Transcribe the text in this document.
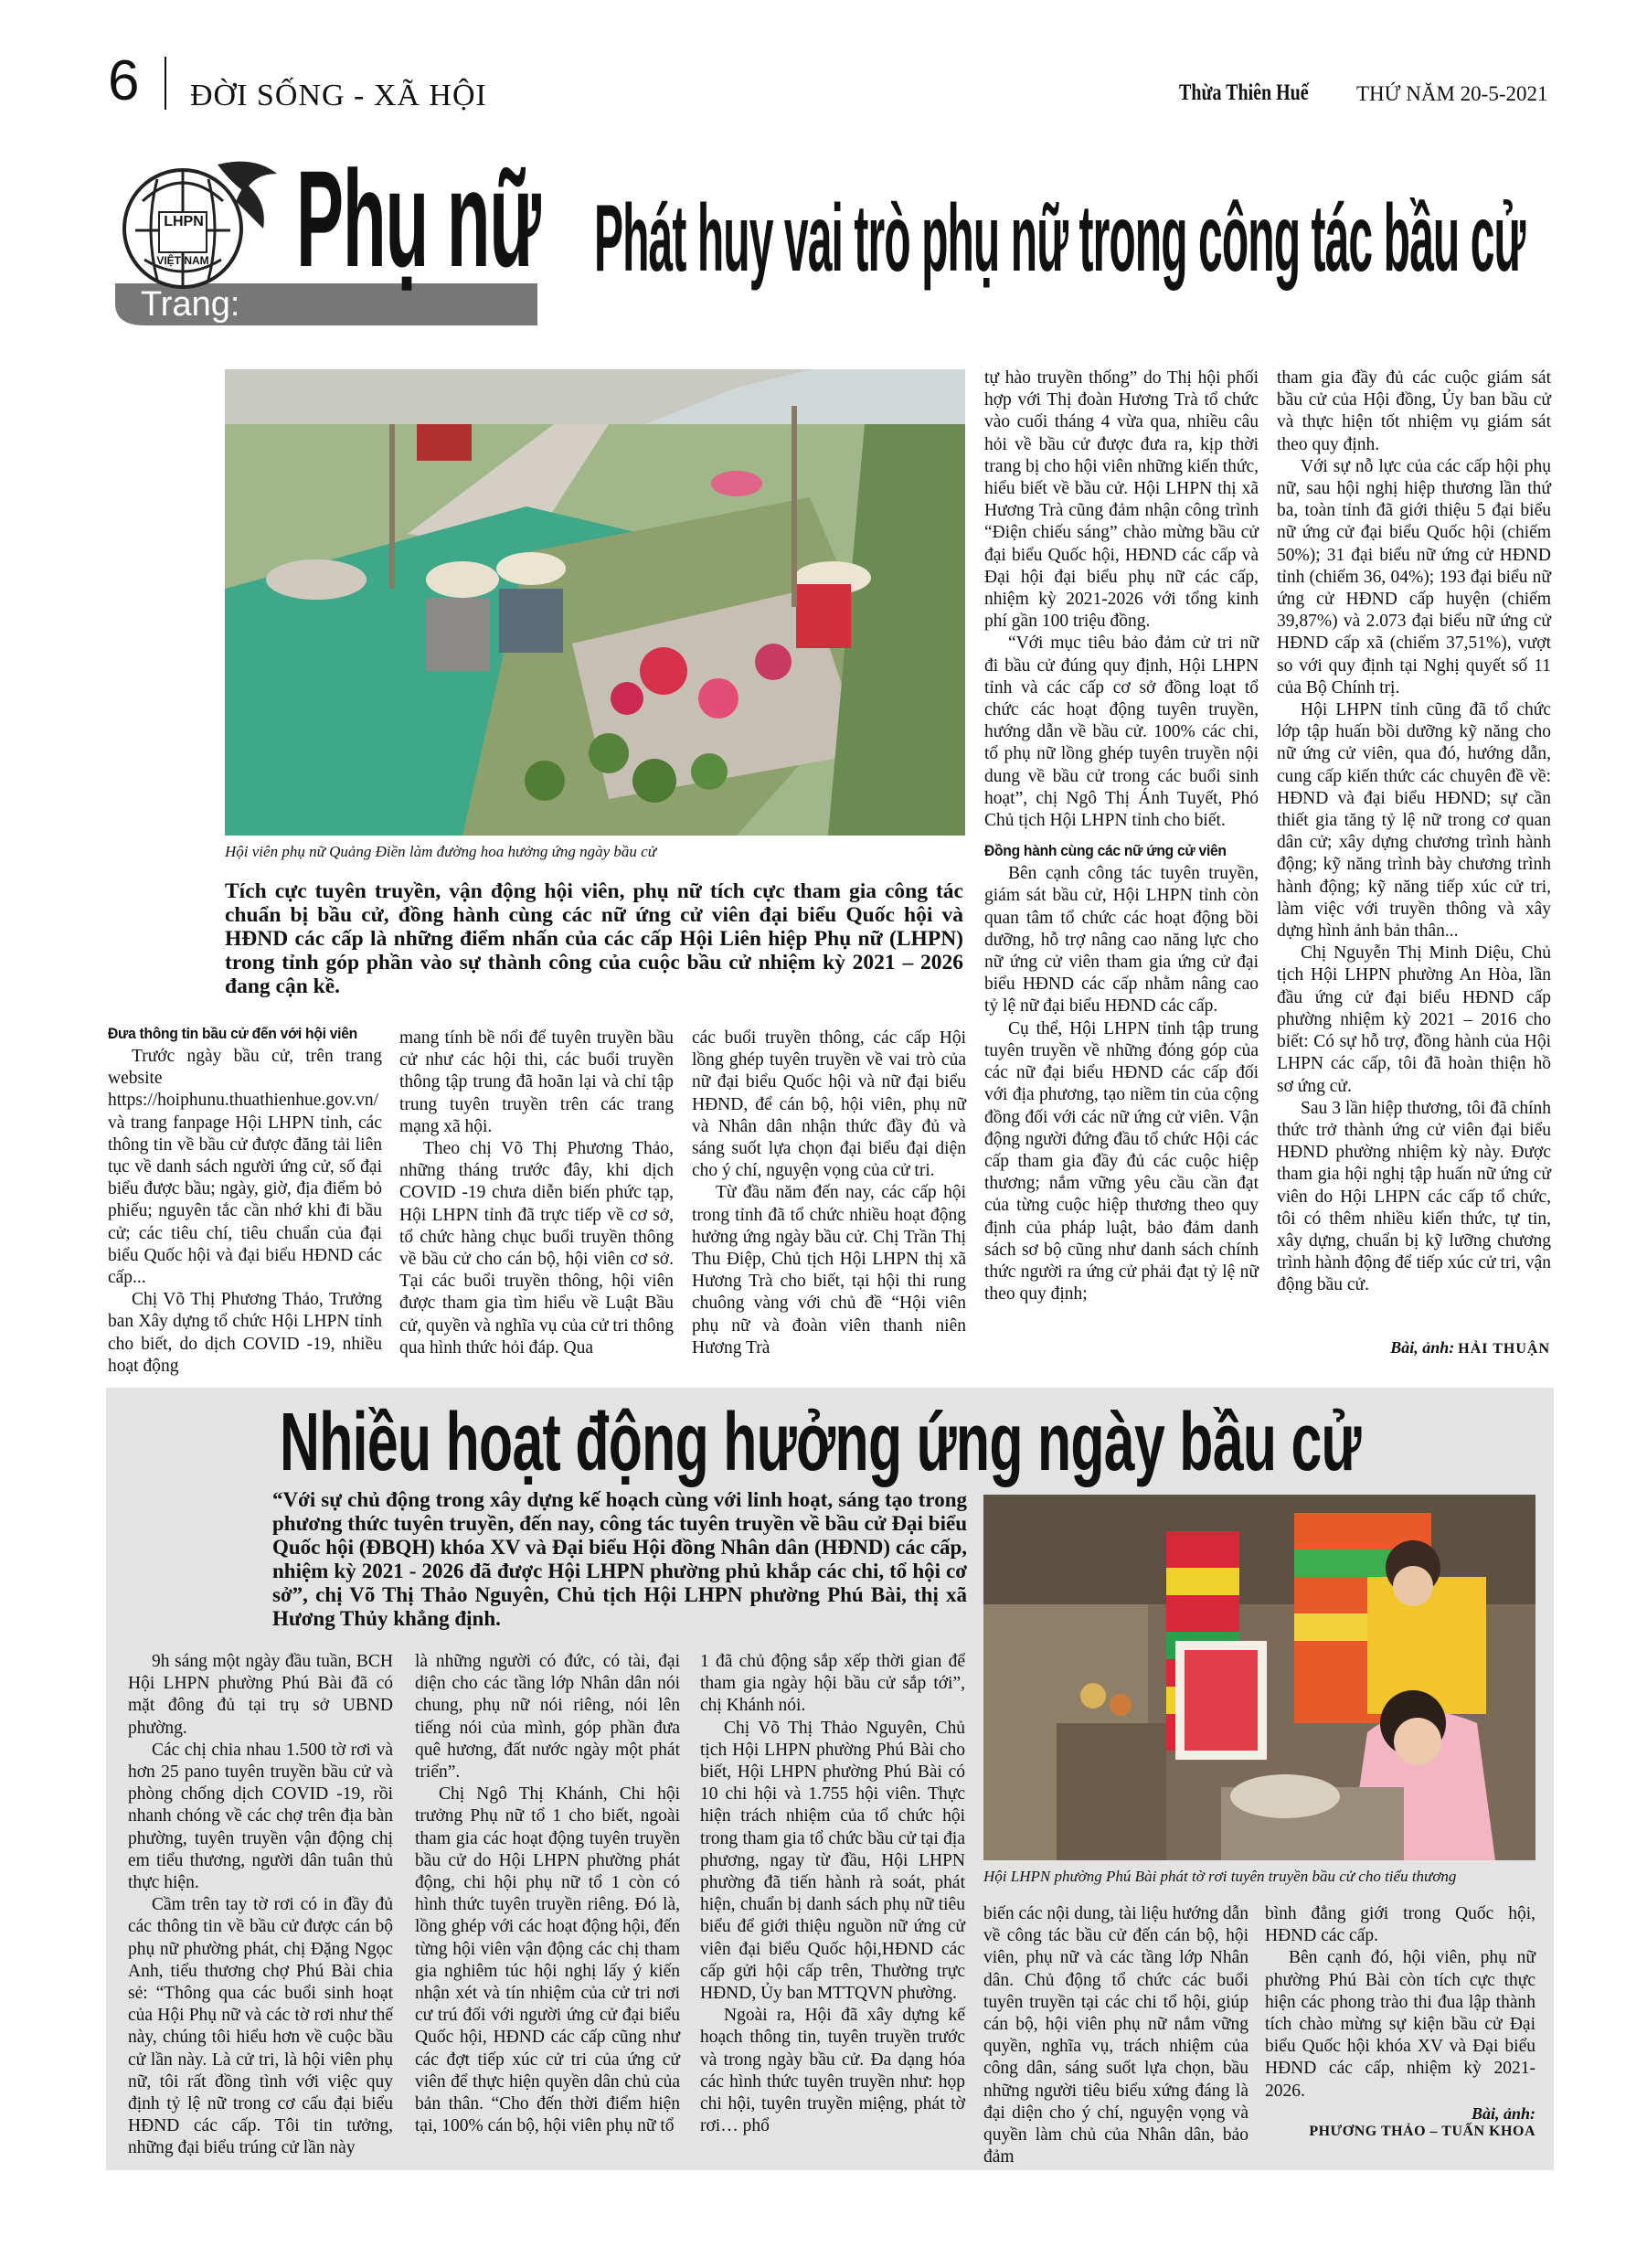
6 ĐỜI SỐNG - XÃ HỘI	Thừa Thiên Huế THỨ NĂM 20-5-2021
LHPN
VIỆT NAM
Trang:
Phụ nữ Phát huy vai trò phụ nữ trong công tác bầu cử
Hội viên phụ nữ Quảng Điền làm đường hoa hưởng ứng ngày bầu cử
Tích cực tuyên truyền, vận động hội viên, phụ nữ tích cực tham gia công tác chuẩn bị bầu cử, đồng hành cùng các nữ ứng cử viên đại biểu Quốc hội và HĐND các cấp là những điểm nhấn của các cấp Hội Liên hiệp Phụ nữ (LHPN) trong tỉnh góp phần vào sự thành công của cuộc bầu cử nhiệm kỳ 2021 – 2026 đang cận kề.
Đưa thông tin bầu cử đến với hội viên

Trước ngày bầu cử, trên trang website https://hoiphunu.thuathienhue.gov.vn/ và trang fanpage Hội LHPN tỉnh, các thông tin về bầu cử được đăng tải liên tục về danh sách người ứng cử, số đại biểu được bầu; ngày, giờ, địa điểm bỏ phiếu; nguyên tắc cần nhớ khi đi bầu cử; các tiêu chí, tiêu chuẩn của đại biểu Quốc hội và đại biểu HĐND các cấp...

Chị Võ Thị Phương Thảo, Trưởng ban Xây dựng tổ chức Hội LHPN tỉnh cho biết, do dịch COVID -19, nhiều hoạt động

mang tính bề nổi để tuyên truyền bầu cử như các hội thi, các buổi truyền thông tập trung đã hoãn lại và chỉ tập trung tuyên truyền trên các trang mạng xã hội.

Theo chị Võ Thị Phương Thảo, những tháng trước đây, khi dịch COVID -19 chưa diễn biến phức tạp, Hội LHPN tỉnh đã trực tiếp về cơ sở, tổ chức hàng chục buổi truyền thông về bầu cử cho cán bộ, hội viên cơ sở. Tại các buổi truyền thông, hội viên được tham gia tìm hiểu về Luật Bầu cử, quyền và nghĩa vụ của cử tri thông qua hình thức hỏi đáp. Qua

các buổi truyền thông, các cấp Hội lồng ghép tuyên truyền về vai trò của nữ đại biểu Quốc hội và nữ đại biểu HĐND, để cán bộ, hội viên, phụ nữ và Nhân dân nhận thức đầy đủ và sáng suốt lựa chọn đại biểu đại diện cho ý chí, nguyện vọng của cử tri.

Từ đầu năm đến nay, các cấp hội trong tỉnh đã tổ chức nhiều hoạt động hưởng ứng ngày bầu cử. Chị Trần Thị Thu Điệp, Chủ tịch Hội LHPN thị xã Hương Trà cho biết, tại hội thi rung chuông vàng với chủ đề “Hội viên phụ nữ và đoàn viên thanh niên Hương Trà

tự hào truyền thống” do Thị hội phối hợp với Thị đoàn Hương Trà tổ chức vào cuối tháng 4 vừa qua, nhiều câu hỏi về bầu cử được đưa ra, kịp thời trang bị cho hội viên những kiến thức, hiểu biết về bầu cử. Hội LHPN thị xã Hương Trà cũng đảm nhận công trình “Điện chiếu sáng” chào mừng bầu cử đại biểu Quốc hội, HĐND các cấp và Đại hội đại biểu phụ nữ các cấp, nhiệm kỳ 2021-2026 với tổng kinh phí gần 100 triệu đồng.

“Với mục tiêu bảo đảm cử tri nữ đi bầu cử đúng quy định, Hội LHPN tỉnh và các cấp cơ sở đồng loạt tổ chức các hoạt động tuyên truyền, hướng dẫn về bầu cử. 100% các chi, tổ phụ nữ lồng ghép tuyên truyền nội dung về bầu cử trong các buổi sinh hoạt”, chị Ngô Thị Ánh Tuyết, Phó Chủ tịch Hội LHPN tỉnh cho biết.

Đồng hành cùng các nữ ứng cử viên

Bên cạnh công tác tuyên truyền, giám sát bầu cử, Hội LHPN tỉnh còn quan tâm tổ chức các hoạt động bồi dưỡng, hỗ trợ nâng cao năng lực cho nữ ứng cử viên tham gia ứng cử đại biểu HĐND các cấp nhằm nâng cao tỷ lệ nữ đại biểu HĐND các cấp.

Cụ thể, Hội LHPN tỉnh tập trung tuyên truyền về những đóng góp của các nữ đại biểu HĐND các cấp đối với địa phương, tạo niềm tin của cộng đồng đối với các nữ ứng cử viên. Vận động người đứng đầu tổ chức Hội các cấp tham gia đầy đủ các cuộc hiệp thương; nắm vững yêu cầu cần đạt của từng cuộc hiệp thương theo quy định của pháp luật, bảo đảm danh sách sơ bộ cũng như danh sách chính thức người ra ứng cử phải đạt tỷ lệ nữ theo quy định;

tham gia đầy đủ các cuộc giám sát bầu cử của Hội đồng, Ủy ban bầu cử và thực hiện tốt nhiệm vụ giám sát theo quy định.

Với sự nỗ lực của các cấp hội phụ nữ, sau hội nghị hiệp thương lần thứ ba, toàn tỉnh đã giới thiệu 5 đại biểu nữ ứng cử đại biểu Quốc hội (chiếm 50%); 31 đại biểu nữ ứng cử HĐND tỉnh (chiếm 36, 04%); 193 đại biểu nữ ứng cử HĐND cấp huyện (chiếm 39,87%) và 2.073 đại biểu nữ ứng cử HĐND cấp xã (chiếm 37,51%), vượt so với quy định tại Nghị quyết số 11 của Bộ Chính trị.

Hội LHPN tỉnh cũng đã tổ chức lớp tập huấn bồi dưỡng kỹ năng cho nữ ứng cử viên, qua đó, hướng dẫn, cung cấp kiến thức các chuyên đề về: HĐND và đại biểu HĐND; sự cần thiết gia tăng tỷ lệ nữ trong cơ quan dân cử; xây dựng chương trình hành động; kỹ năng trình bày chương trình hành động; kỹ năng tiếp xúc cử tri, làm việc với truyền thông và xây dựng hình ảnh bản thân...

Chị Nguyễn Thị Minh Diệu, Chủ tịch Hội LHPN phường An Hòa, lần đầu ứng cử đại biểu HĐND cấp phường nhiệm kỳ 2021 – 2016 cho biết: Có sự hỗ trợ, đồng hành của Hội LHPN các cấp, tôi đã hoàn thiện hồ sơ ứng cử.

Sau 3 lần hiệp thương, tôi đã chính thức trở thành ứng cử viên đại biểu HĐND phường nhiệm kỳ này. Được tham gia hội nghị tập huấn nữ ứng cử viên do Hội LHPN các cấp tổ chức, tôi có thêm nhiều kiến thức, tự tin, xây dựng, chuẩn bị kỹ lưỡng chương trình hành động để tiếp xúc cử tri, vận động bầu cử.

Bài, ảnh: HẢI THUẬN
Nhiều hoạt động hưởng ứng ngày bầu cử
“Với sự chủ động trong xây dựng kế hoạch cùng với linh hoạt, sáng tạo trong phương thức tuyên truyền, đến nay, công tác tuyên truyền về bầu cử Đại biểu Quốc hội (ĐBQH) khóa XV và Đại biểu Hội đồng Nhân dân (HĐND) các cấp, nhiệm kỳ 2021 - 2026 đã được Hội LHPN phường phủ khắp các chi, tổ hội cơ sở”, chị Võ Thị Thảo Nguyên, Chủ tịch Hội LHPN phường Phú Bài, thị xã Hương Thủy khẳng định.
Hội LHPN phường Phú Bài phát tờ rơi tuyên truyền bầu cử cho tiểu thương

9h sáng một ngày đầu tuần, BCH Hội LHPN phường Phú Bài đã có mặt đông đủ tại trụ sở UBND phường.

Các chị chia nhau 1.500 tờ rơi và hơn 25 pano tuyên truyền bầu cử và phòng chống dịch COVID -19, rồi nhanh chóng về các chợ trên địa bàn phường, tuyên truyền vận động chị em tiểu thương, người dân tuân thủ thực hiện.

Cầm trên tay tờ rơi có in đầy đủ các thông tin về bầu cử được cán bộ phụ nữ phường phát, chị Đặng Ngọc Anh, tiểu thương chợ Phú Bài chia sẻ: “Thông qua các buổi sinh hoạt của Hội Phụ nữ và các tờ rơi như thế này, chúng tôi hiểu hơn về cuộc bầu cử lần này. Là cử tri, là hội viên phụ nữ, tôi rất đồng tình với việc quy định tỷ lệ nữ trong cơ cấu đại biểu HĐND các cấp. Tôi tin tưởng, những đại biểu trúng cử lần này

là những người có đức, có tài, đại diện cho các tầng lớp Nhân dân nói chung, phụ nữ nói riêng, nói lên tiếng nói của mình, góp phần đưa quê hương, đất nước ngày một phát triển”.

Chị Ngô Thị Khánh, Chi hội trưởng Phụ nữ tổ 1 cho biết, ngoài tham gia các hoạt động tuyên truyền bầu cử do Hội LHPN phường phát động, chi hội phụ nữ tổ 1 còn có hình thức tuyên truyền riêng. Đó là, lồng ghép với các hoạt động hội, đến từng hội viên vận động các chị tham gia nghiêm túc hội nghị lấy ý kiến nhận xét và tín nhiệm của cử tri nơi cư trú đối với người ứng cử đại biểu Quốc hội, HĐND các cấp cũng như các đợt tiếp xúc cử tri của ứng cử viên để thực hiện quyền dân chủ của bản thân. “Cho đến thời điểm hiện tại, 100% cán bộ, hội viên phụ nữ tổ

1 đã chủ động sắp xếp thời gian để tham gia ngày hội bầu cử sắp tới”, chị Khánh nói.

Chị Võ Thị Thảo Nguyên, Chủ tịch Hội LHPN phường Phú Bài cho biết, Hội LHPN phường Phú Bài có 10 chi hội và 1.755 hội viên. Thực hiện trách nhiệm của tổ chức hội trong tham gia tổ chức bầu cử tại địa phương, ngay từ đầu, Hội LHPN phường đã tiến hành rà soát, phát hiện, chuẩn bị danh sách phụ nữ tiêu biểu để giới thiệu nguồn nữ ứng cử viên đại biểu Quốc hội,HĐND các cấp gửi hội cấp trên, Thường trực HĐND, Ủy ban MTTQVN phường.

Ngoài ra, Hội đã xây dựng kế hoạch thông tin, tuyên truyền trước và trong ngày bầu cử. Đa dạng hóa các hình thức tuyên truyền như: họp chi hội, tuyên truyền miệng, phát tờ rơi… phổ

biến các nội dung, tài liệu hướng dẫn về công tác bầu cử đến cán bộ, hội viên, phụ nữ và các tầng lớp Nhân dân. Chủ động tổ chức các buổi tuyên truyền tại các chi tổ hội, giúp cán bộ, hội viên phụ nữ nắm vững quyền, nghĩa vụ, trách nhiệm của công dân, sáng suốt lựa chọn, bầu những người tiêu biểu xứng đáng là đại diện cho ý chí, nguyện vọng và quyền làm chủ của Nhân dân, bảo đảm

bình đẳng giới trong Quốc hội, HĐND các cấp.

Bên cạnh đó, hội viên, phụ nữ phường Phú Bài còn tích cực thực hiện các phong trào thi đua lập thành tích chào mừng sự kiện bầu cử Đại biểu Quốc hội khóa XV và Đại biểu HĐND các cấp, nhiệm kỳ 2021-2026.

Bài, ảnh:
PHƯƠNG THẢO – TUẤN KHOA
